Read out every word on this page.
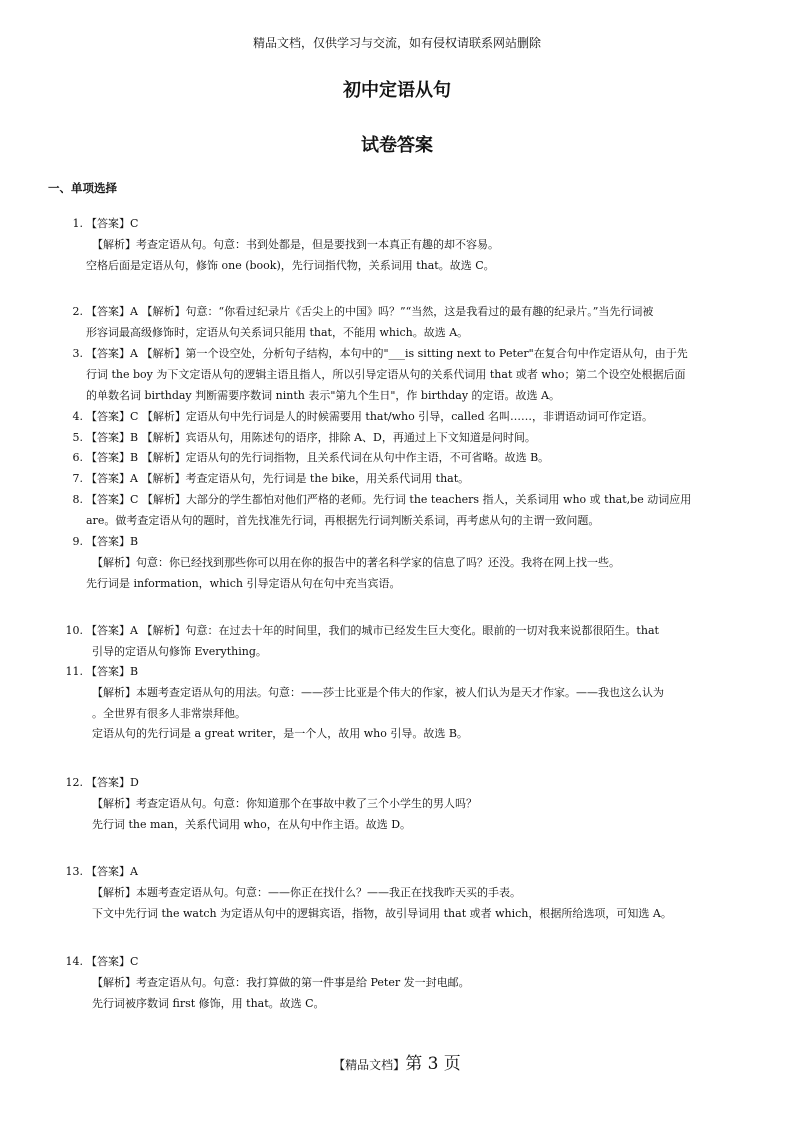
精品文档，仅供学习与交流，如有侵权请联系网站删除
初中定语从句
试卷答案
一、单项选择
1. 【答案】C
【解析】考查定语从句。句意：书到处都是，但是要找到一本真正有趣的却不容易。
空格后面是定语从句，修饰 one (book)，先行词指代物，关系词用 that。故选 C。
2. 【答案】A 【解析】句意：“你看过纪录片《舌尖上的中国》吗？”“当然，这是我看过的最有趣的纪录片。”当先行词被
形容词最高级修饰时，定语从句关系词只能用 that，不能用 which。故选 A。
3. 【答案】A 【解析】第一个设空处，分析句子结构，本句中的"___is sitting next to Peter"在复合句中作定语从句，由于先
行词 the boy 为下文定语从句的逻辑主语且指人，所以引导定语从句的关系代词用 that 或者 who；第二个设空处根据后面
的单数名词 birthday 判断需要序数词 ninth 表示"第九个生日"，作 birthday 的定语。故选 A。
4. 【答案】C 【解析】定语从句中先行词是人的时候需要用 that/who 引导，called 名叫……，非谓语动词可作定语。
5. 【答案】B 【解析】宾语从句，用陈述句的语序，排除 A、D，再通过上下文知道是问时间。
6. 【答案】B 【解析】定语从句的先行词指物，且关系代词在从句中作主语，不可省略。故选 B。
7. 【答案】A 【解析】考查定语从句，先行词是 the bike，用关系代词用 that。
8. 【答案】C 【解析】大部分的学生都怕对他们严格的老师。先行词 the teachers 指人，关系词用 who 或 that,be 动词应用
are。做考查定语从句的题时，首先找准先行词，再根据先行词判断关系词，再考虑从句的主谓一致问题。
9. 【答案】B
【解析】句意：你已经找到那些你可以用在你的报告中的著名科学家的信息了吗？还没。我将在网上找一些。
先行词是 information，which 引导定语从句在句中充当宾语。
10. 【答案】A 【解析】句意：在过去十年的时间里，我们的城市已经发生巨大变化。眼前的一切对我来说都很陌生。that
引导的定语从句修饰 Everything。
11. 【答案】B
【解析】本题考查定语从句的用法。句意：——莎士比亚是个伟大的作家，被人们认为是天才作家。——我也这么认为
。全世界有很多人非常崇拜他。
定语从句的先行词是 a great writer，是一个人，故用 who 引导。故选 B。
12. 【答案】D
【解析】考查定语从句。句意：你知道那个在事故中救了三个小学生的男人吗？
先行词 the man，关系代词用 who，在从句中作主语。故选 D。
13. 【答案】A
【解析】本题考查定语从句。句意：——你正在找什么？——我正在找我昨天买的手表。
下文中先行词 the watch 为定语从句中的逻辑宾语，指物，故引导词用 that 或者 which，根据所给选项，可知选 A。
14. 【答案】C
【解析】考查定语从句。句意：我打算做的第一件事是给 Peter 发一封电邮。
先行词被序数词 first 修饰，用 that。故选 C。
【精品文档】第 3 页
